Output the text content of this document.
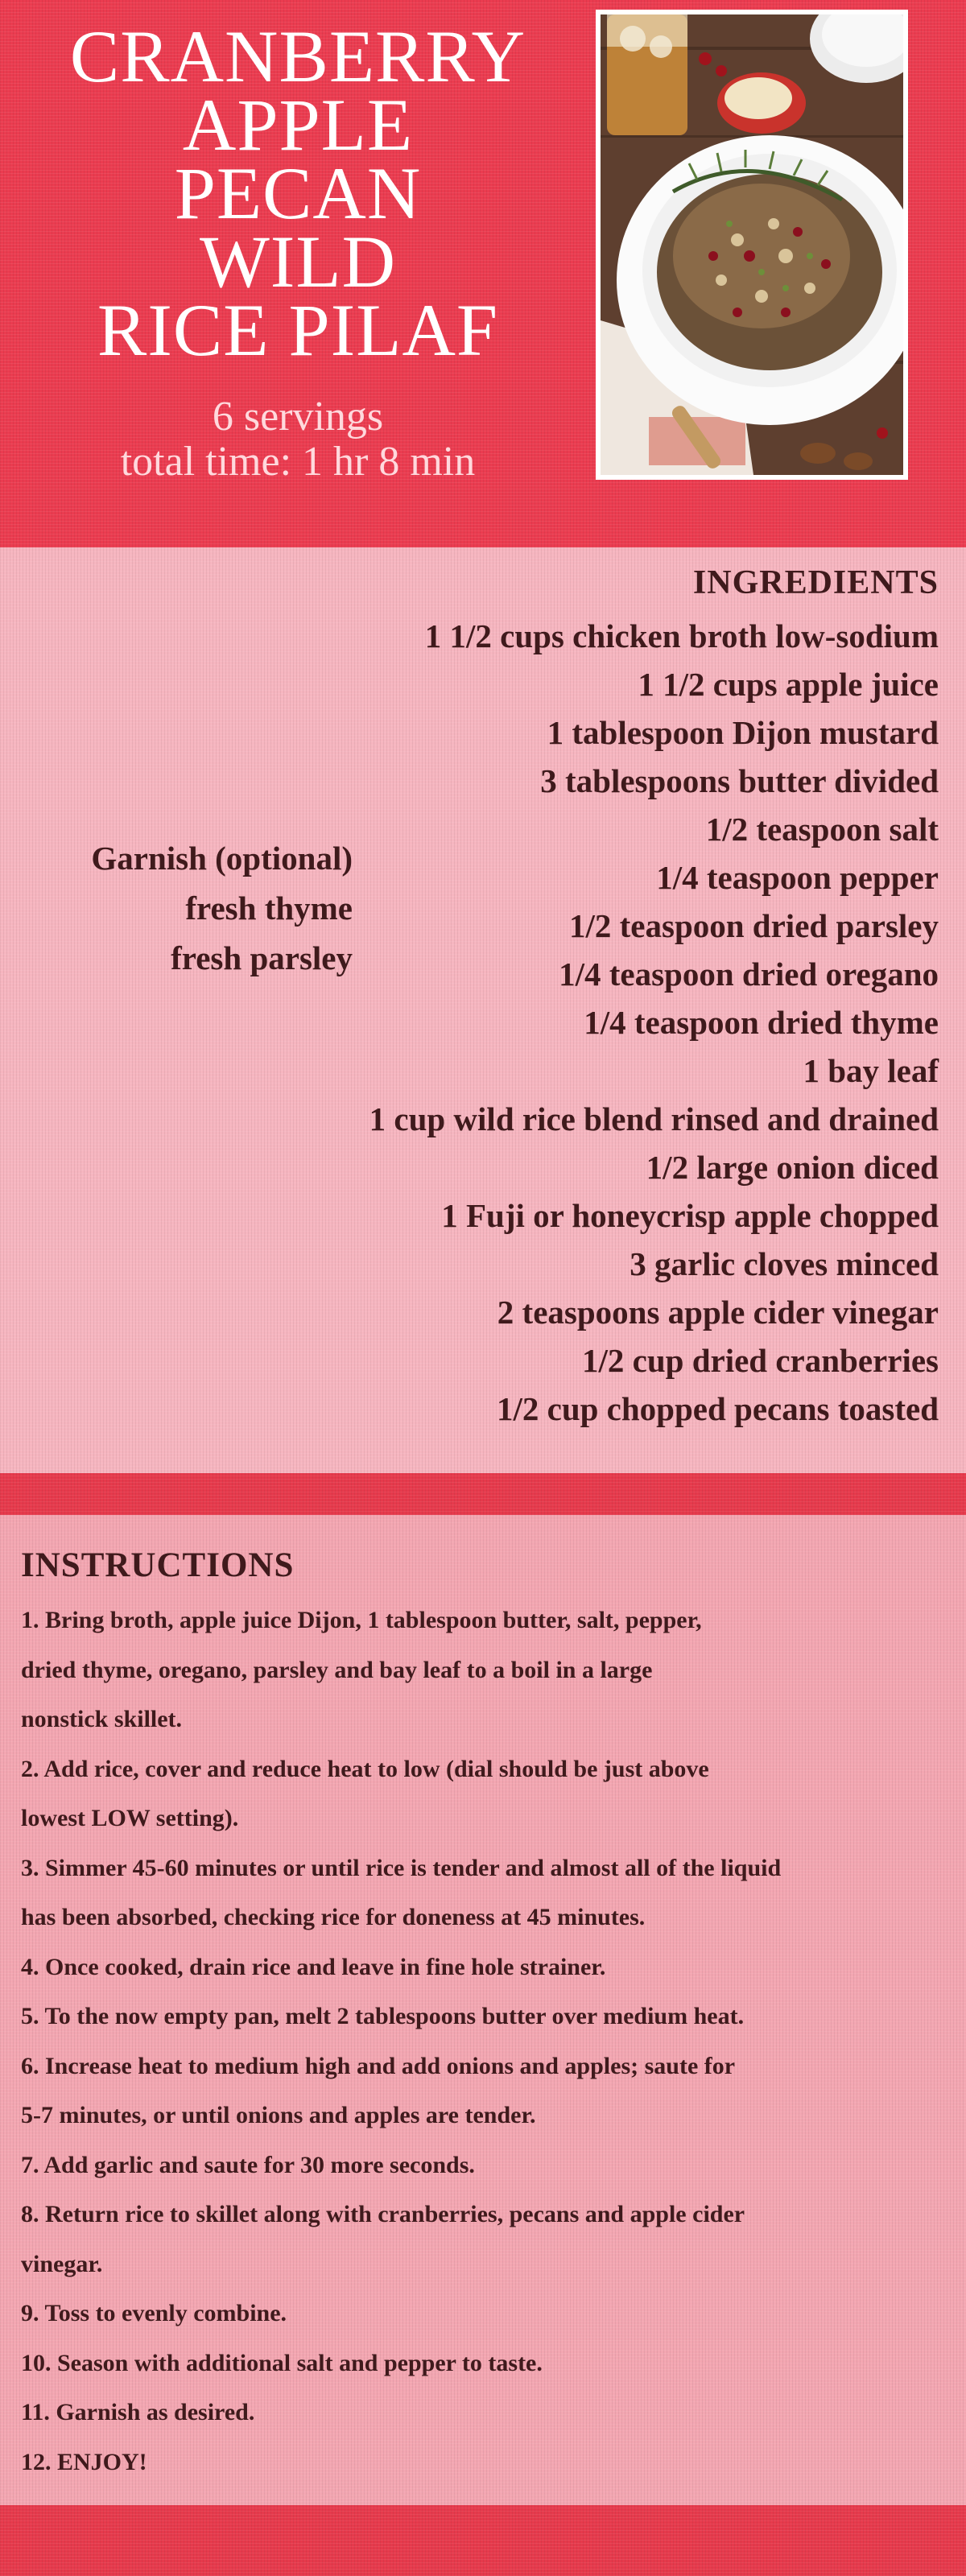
CRANBERRY
APPLE
PECAN
WILD
RICE PILAF
6 servings
total time: 1 hr 8 min
INGREDIENTS
1 1/2 cups chicken broth low-sodium
1 1/2 cups apple juice
1 tablespoon Dijon mustard
3 tablespoons butter divided
1/2 teaspoon salt
1/4 teaspoon pepper
1/2 teaspoon dried parsley
1/4 teaspoon dried oregano
1/4 teaspoon dried thyme
1 bay leaf
1 cup wild rice blend rinsed and drained
1/2 large onion diced
1 Fuji or honeycrisp apple chopped
3 garlic cloves minced
2 teaspoons apple cider vinegar
1/2 cup dried cranberries
1/2 cup chopped pecans toasted
Garnish (optional)
fresh thyme
fresh parsley
INSTRUCTIONS
1. Bring broth, apple juice Dijon, 1 tablespoon butter, salt, pepper,
dried thyme, oregano, parsley and bay leaf to a boil in a large
nonstick skillet.
2. Add rice, cover and reduce heat to low (dial should be just above
lowest LOW setting).
3. Simmer 45-60 minutes or until rice is tender and almost all of the liquid
has been absorbed, checking rice for doneness at 45 minutes.
4. Once cooked, drain rice and leave in fine hole strainer.
5. To the now empty pan, melt 2 tablespoons butter over medium heat.
6. Increase heat to medium high and add onions and apples; saute for
5-7 minutes, or until onions and apples are tender.
7. Add garlic and saute for 30 more seconds.
8. Return rice to skillet along with cranberries, pecans and apple cider
vinegar.
9. Toss to evenly combine.
10. Season with additional salt and pepper to taste.
11. Garnish as desired.
12. ENJOY!
